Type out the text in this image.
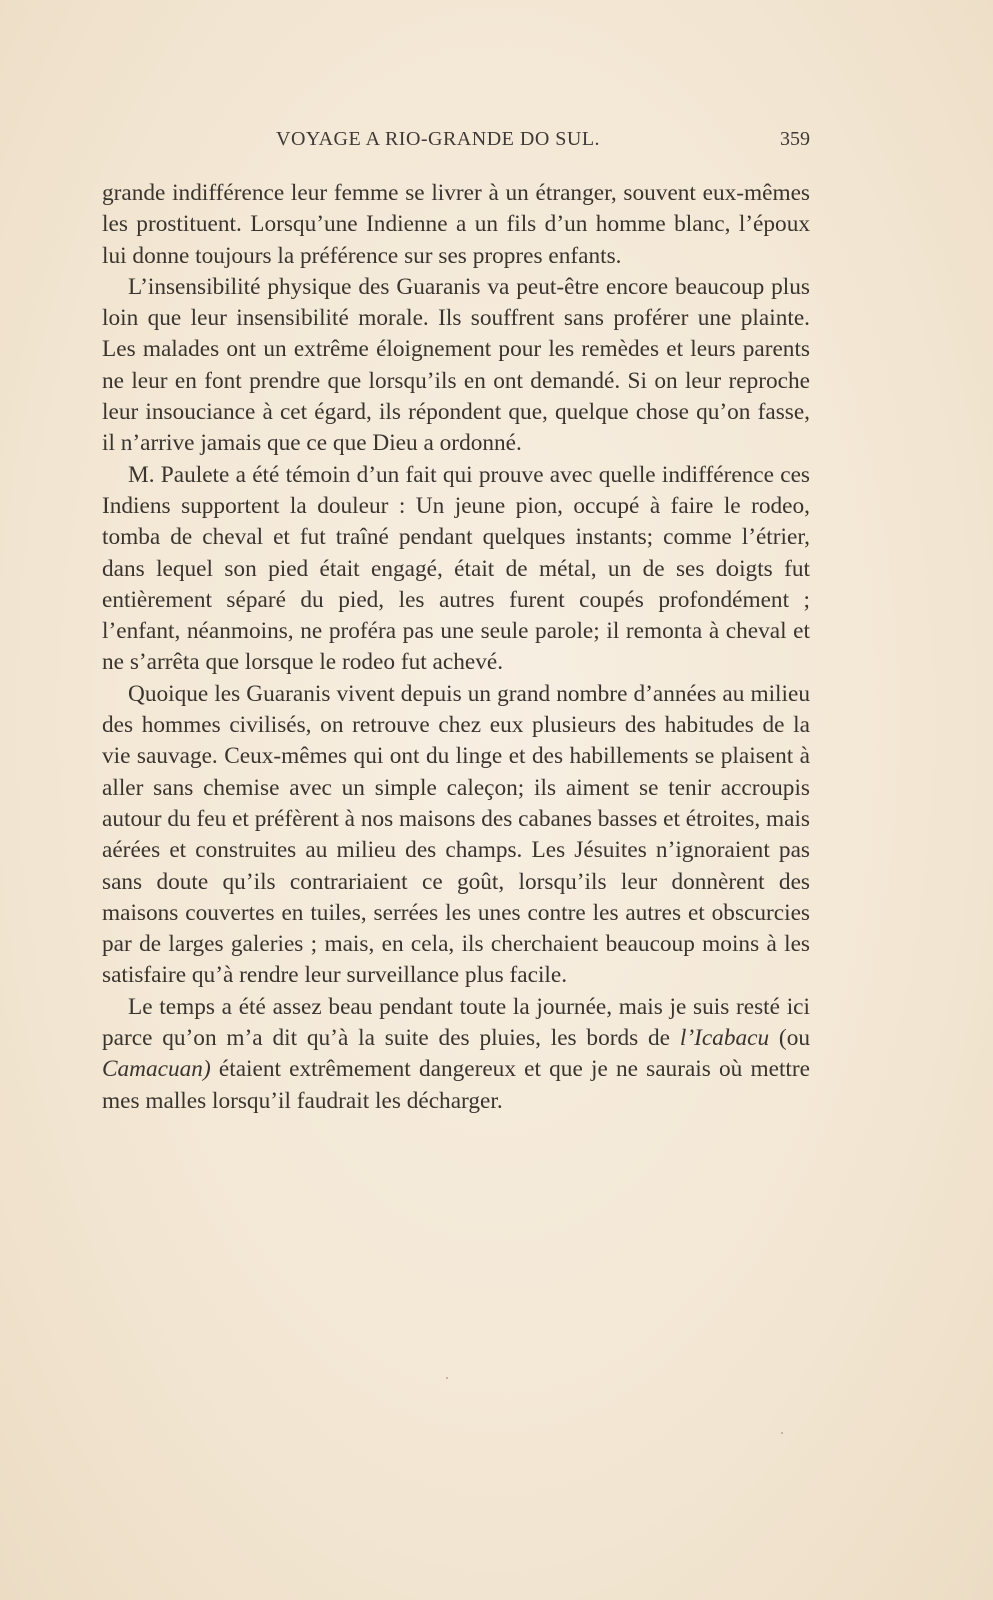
VOYAGE A RIO-GRANDE DO SUL.	359

grande indifférence leur femme se livrer à un étranger, souvent eux-mêmes les prostituent. Lorsqu’une Indienne a un fils d’un homme blanc, l’époux lui donne toujours la préférence sur ses propres enfants.

L’insensibilité physique des Guaranis va peut-être encore beaucoup plus loin que leur insensibilité morale. Ils souffrent sans proférer une plainte. Les malades ont un extrême éloignement pour les remèdes et leurs parents ne leur en font prendre que lorsqu’ils en ont demandé. Si on leur reproche leur insouciance à cet égard, ils répondent que, quelque chose qu’on fasse, il n’arrive jamais que ce que Dieu a ordonné.

M. Paulete a été témoin d’un fait qui prouve avec quelle indifférence ces Indiens supportent la douleur : Un jeune pion, occupé à faire le rodeo, tomba de cheval et fut traîné pendant quelques instants; comme l’étrier, dans lequel son pied était engagé, était de métal, un de ses doigts fut entièrement séparé du pied, les autres furent coupés profondément ; l’enfant, néanmoins, ne proféra pas une seule parole; il remonta à cheval et ne s’arrêta que lorsque le rodeo fut achevé.

Quoique les Guaranis vivent depuis un grand nombre d’années au milieu des hommes civilisés, on retrouve chez eux plusieurs des habitudes de la vie sauvage. Ceux-mêmes qui ont du linge et des habillements se plaisent à aller sans chemise avec un simple caleçon; ils aiment se tenir accroupis autour du feu et préfèrent à nos maisons des cabanes basses et étroites, mais aérées et construites au milieu des champs. Les Jésuites n’ignoraient pas sans doute qu’ils contrariaient ce goût, lorsqu’ils leur donnèrent des maisons couvertes en tuiles, serrées les unes contre les autres et obscurcies par de larges galeries ; mais, en cela, ils cherchaient beaucoup moins à les satisfaire qu’à rendre leur surveillance plus facile.

Le temps a été assez beau pendant toute la journée, mais je suis resté ici parce qu’on m’a dit qu’à la suite des pluies, les bords de l’Icabacu (ou Camacuan) étaient extrêmement dangereux et que je ne saurais où mettre mes malles lorsqu’il faudrait les décharger.
